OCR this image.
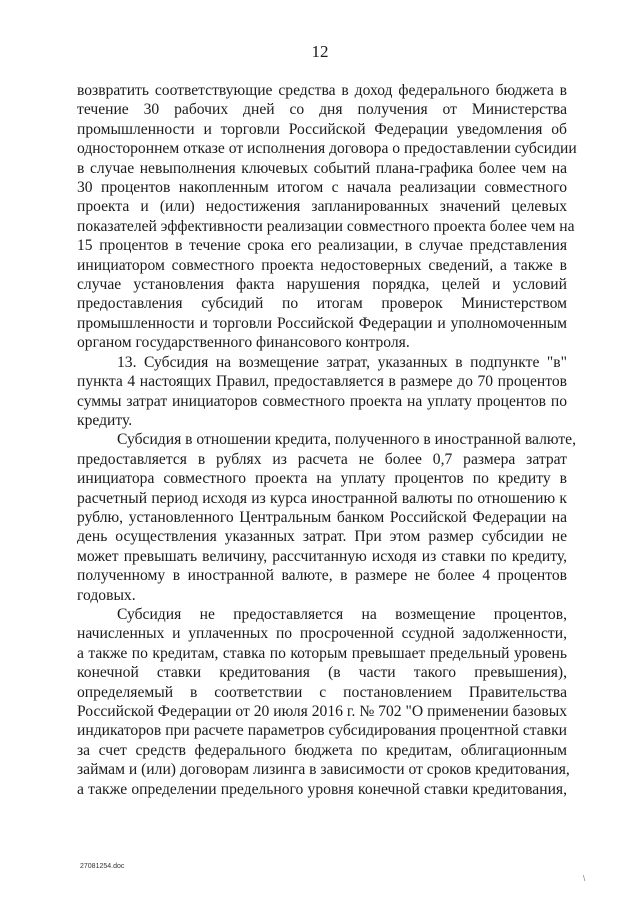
12
возвратить соответствующие средства в доход федерального бюджета в
течение 30 рабочих дней со дня получения от Министерства
промышленности и торговли Российской Федерации уведомления об
одностороннем отказе от исполнения договора о предоставлении субсидии
в случае невыполнения ключевых событий плана-графика более чем на
30 процентов накопленным итогом с начала реализации совместного
проекта и (или) недостижения запланированных значений целевых
показателей эффективности реализации совместного проекта более чем на
15 процентов в течение срока его реализации, в случае представления
инициатором совместного проекта недостоверных сведений, а также в
случае установления факта нарушения порядка, целей и условий
предоставления субсидий по итогам проверок Министерством
промышленности и торговли Российской Федерации и уполномоченным
органом государственного финансового контроля.
13. Субсидия на возмещение затрат, указанных в подпункте "в"
пункта 4 настоящих Правил, предоставляется в размере до 70 процентов
суммы затрат инициаторов совместного проекта на уплату процентов по
кредиту.
Субсидия в отношении кредита, полученного в иностранной валюте,
предоставляется в рублях из расчета не более 0,7 размера затрат
инициатора совместного проекта на уплату процентов по кредиту в
расчетный период исходя из курса иностранной валюты по отношению к
рублю, установленного Центральным банком Российской Федерации на
день осуществления указанных затрат. При этом размер субсидии не
может превышать величину, рассчитанную исходя из ставки по кредиту,
полученному в иностранной валюте, в размере не более 4 процентов
годовых.
Субсидия не предоставляется на возмещение процентов,
начисленных и уплаченных по просроченной ссудной задолженности,
а также по кредитам, ставка по которым превышает предельный уровень
конечной ставки кредитования (в части такого превышения),
определяемый в соответствии с постановлением Правительства
Российской Федерации от 20 июля 2016 г. № 702 "О применении базовых
индикаторов при расчете параметров субсидирования процентной ставки
за счет средств федерального бюджета по кредитам, облигационным
займам и (или) договорам лизинга в зависимости от сроков кредитования,
а также определении предельного уровня конечной ставки кредитования,
27081254.doc
\
